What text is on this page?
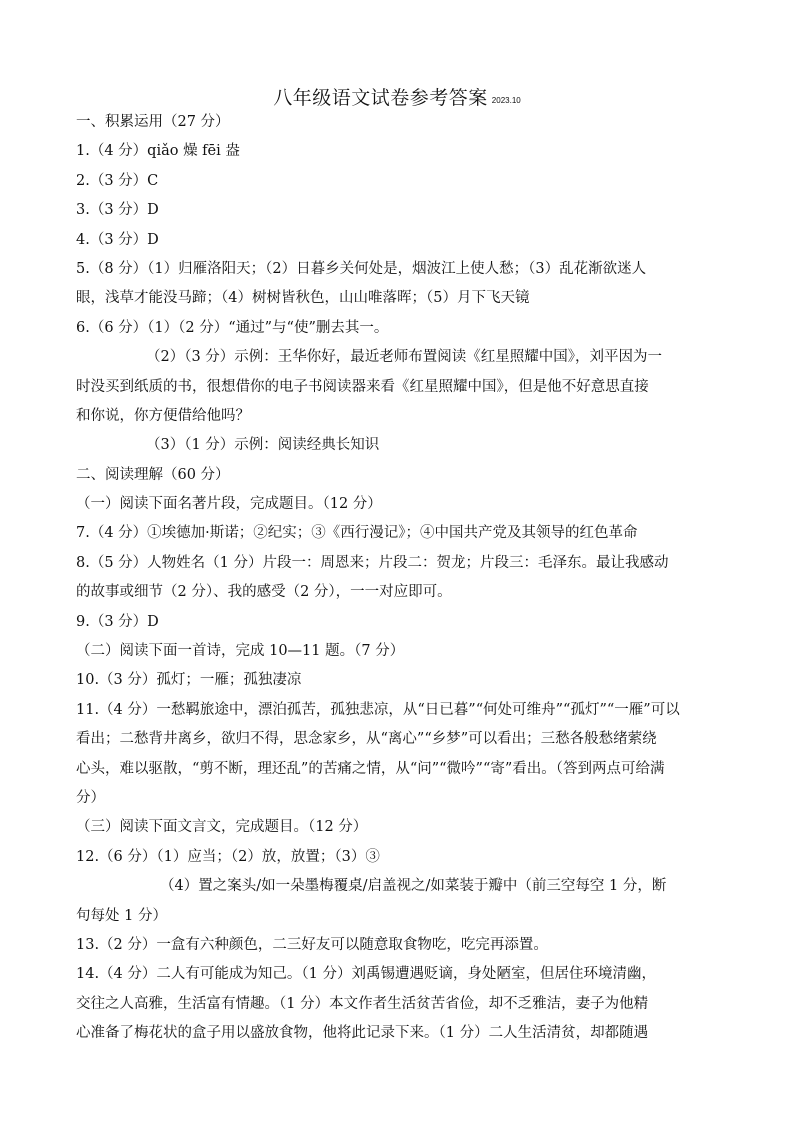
八年级语文试卷参考答案 2023.10
一、积累运用（27 分）
1.（4 分）qiǎo 燥 fēi 盎
2.（3 分）C
3.（3 分）D
4.（3 分）D
5.（8 分）（1）归雁洛阳天；（2）日暮乡关何处是，烟波江上使人愁；（3）乱花渐欲迷人
眼，浅草才能没马蹄；（4）树树皆秋色，山山唯落晖；（5）月下飞天镜
6.（6 分）（1）（2 分）“通过”与“使”删去其一。
（2）（3 分）示例：王华你好，最近老师布置阅读《红星照耀中国》，刘平因为一
时没买到纸质的书，很想借你的电子书阅读器来看《红星照耀中国》，但是他不好意思直接
和你说，你方便借给他吗？
（3）（1 分）示例：阅读经典长知识
二、阅读理解（60 分）
（一）阅读下面名著片段，完成题目。（12 分）
7.（4 分）①埃德加·斯诺；②纪实；③《西行漫记》；④中国共产党及其领导的红色革命
8.（5 分）人物姓名（1 分）片段一：周恩来；片段二：贺龙；片段三：毛泽东。最让我感动
的故事或细节（2 分）、我的感受（2 分），一一对应即可。
9.（3 分）D
（二）阅读下面一首诗，完成 10—11 题。（7 分）
10.（3 分）孤灯；一雁；孤独凄凉
11.（4 分）一愁羁旅途中，漂泊孤苦，孤独悲凉，从“日已暮”“何处可维舟”“孤灯”“一雁”可以
看出；二愁背井离乡，欲归不得，思念家乡，从“离心”“乡梦”可以看出；三愁各般愁绪萦绕
心头，难以驱散，“剪不断，理还乱”的苦痛之情，从“问”“微吟”“寄”看出。（答到两点可给满
分）
（三）阅读下面文言文，完成题目。（12 分）
12.（6 分）（1）应当；（2）放，放置；（3）③
（4）置之案头/如一朵墨梅覆桌/启盖视之/如菜装于瓣中（前三空每空 1 分，断
句每处 1 分）
13.（2 分）一盒有六种颜色，二三好友可以随意取食物吃，吃完再添置。
14.（4 分）二人有可能成为知己。（1 分）刘禹锡遭遇贬谪，身处陋室，但居住环境清幽，
交往之人高雅，生活富有情趣。（1 分）本文作者生活贫苦省俭，却不乏雅洁，妻子为他精
心准备了梅花状的盒子用以盛放食物，他将此记录下来。（1 分）二人生活清贫，却都随遇
